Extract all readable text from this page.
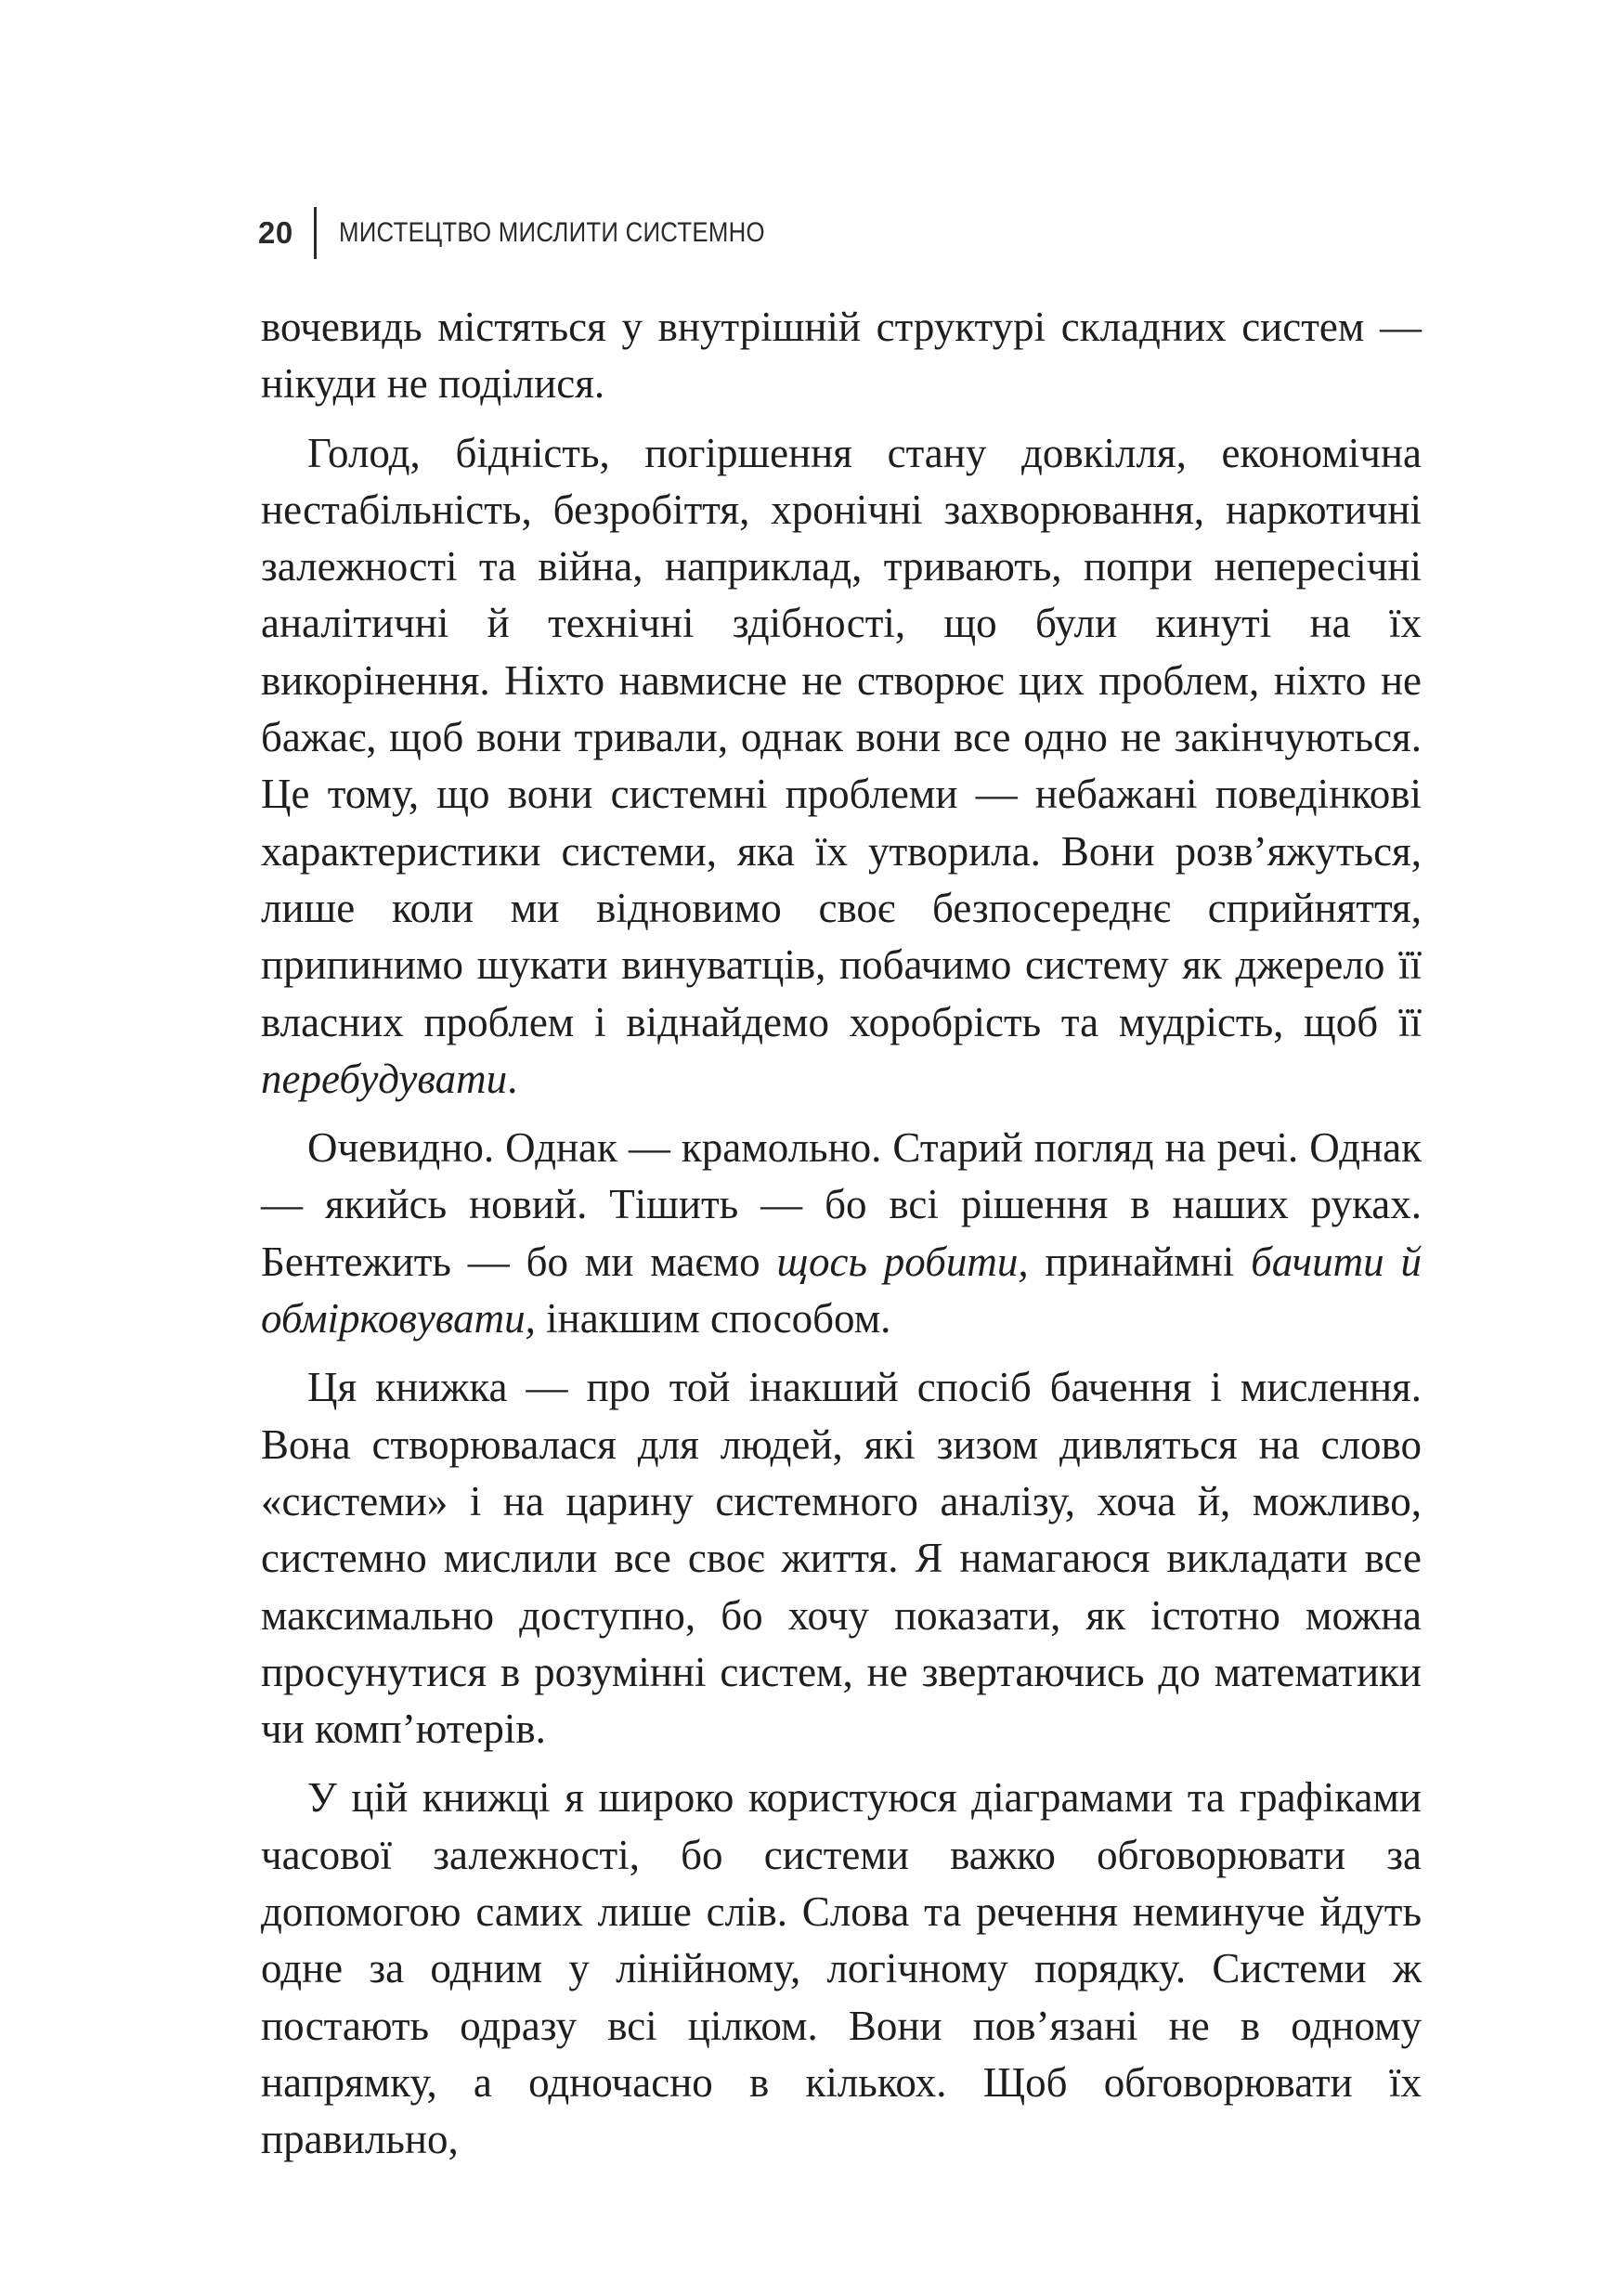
20 МИСТЕЦТВО МИСЛИТИ СИСТЕМНО

вочевидь містяться у внутрішній структурі складних систем — нікуди не поділися.

Голод, бідність, погіршення стану довкілля, економічна нестабільність, безробіття, хронічні захворювання, наркотичні залежності та війна, наприклад, тривають, попри непересічні аналітичні й технічні здібності, що були кинуті на їх викорінення. Ніхто навмисне не створює цих проблем, ніхто не бажає, щоб вони тривали, однак вони все одно не закінчуються. Це тому, що вони системні проблеми — небажані поведінкові характеристики системи, яка їх утворила. Вони розв’яжуться, лише коли ми відновимо своє безпосереднє сприйняття, припинимо шукати винуватців, побачимо систему як джерело її власних проблем і віднайдемо хоробрість та мудрість, щоб її перебудувати.

Очевидно. Однак — крамольно. Старий погляд на речі. Однак — якийсь новий. Тішить — бо всі рішення в наших руках. Бентежить — бо ми маємо щось робити, принаймні бачити й обмірковувати, інакшим способом.

Ця книжка — про той інакший спосіб бачення і мислення. Вона створювалася для людей, які зизом дивляться на слово «системи» і на царину системного аналізу, хоча й, можливо, системно мислили все своє життя. Я намагаюся викладати все максимально доступно, бо хочу показати, як істотно можна просунутися в розумінні систем, не звертаючись до математики чи комп’ютерів.

У цій книжці я широко користуюся діаграмами та графіками часової залежності, бо системи важко обговорювати за допомогою самих лише слів. Слова та речення неминуче йдуть одне за одним у лінійному, логічному порядку. Системи ж постають одразу всі цілком. Вони пов’язані не в одному напрямку, а одночасно в кількох. Щоб обговорювати їх правильно,
